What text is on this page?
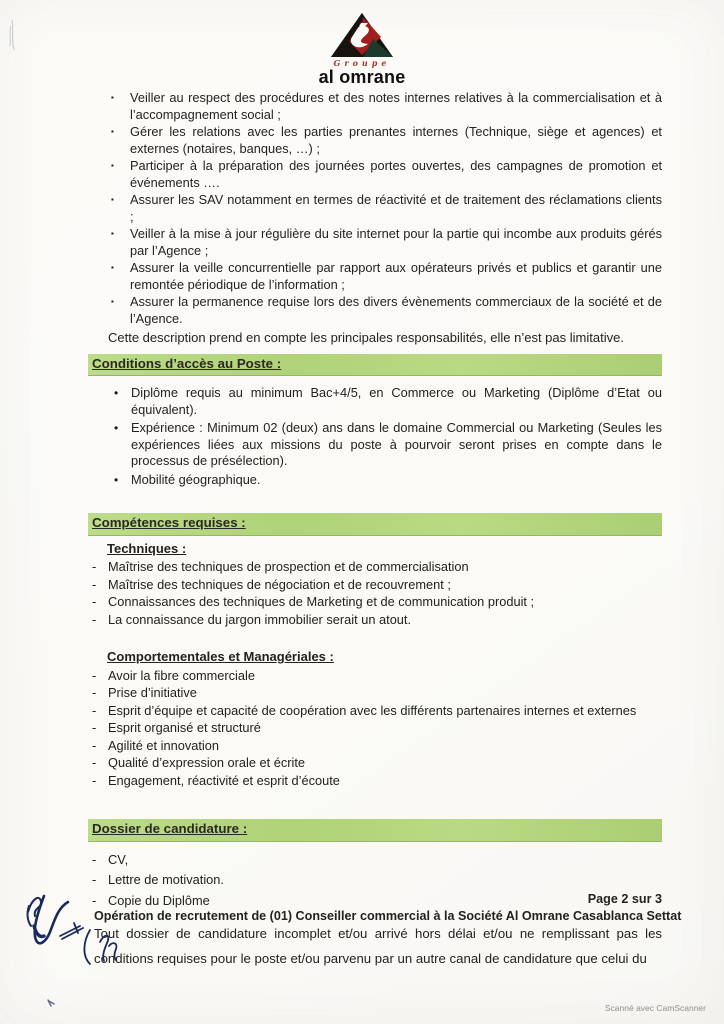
Groupe
al omrane
▪	Veiller au respect des procédures et des notes internes relatives à la commercialisation et à l’accompagnement social ;
▪	Gérer les relations avec les parties prenantes internes (Technique, siège et agences) et externes (notaires, banques, …) ;
▪	Participer à la préparation des journées portes ouvertes, des campagnes de promotion et événements ….
▪	Assurer les SAV notamment en termes de réactivité et de traitement des réclamations clients ;
▪	Veiller à la mise à jour régulière du site internet pour la partie qui incombe aux produits gérés par l’Agence ;
▪	Assurer la veille concurrentielle par rapport aux opérateurs privés et publics et garantir une remontée périodique de l’information ;
▪	Assurer la permanence requise lors des divers évènements commerciaux de la société et de l’Agence.

Cette description prend en compte les principales responsabilités, elle n’est pas limitative.

Conditions d’accès au Poste :
• Diplôme requis au minimum Bac+4/5, en Commerce ou Marketing (Diplôme d’Etat ou équivalent).
• Expérience : Minimum 02 (deux) ans dans le domaine Commercial ou Marketing (Seules les expériences liées aux missions du poste à pourvoir seront prises en compte dans le processus de présélection).
• Mobilité géographique.
Compétences requises :
Techniques :
- Maîtrise des techniques de prospection et de commercialisation
- Maîtrise des techniques de négociation et de recouvrement ;
- Connaissances des techniques de Marketing et de communication produit ;
- La connaissance du jargon immobilier serait un atout.
Comportementales et Managériales :
- Avoir la fibre commerciale
- Prise d’initiative
- Esprit d’équipe et capacité de coopération avec les différents partenaires internes et externes
- Esprit organisé et structuré
- Agilité et innovation
- Qualité d’expression orale et écrite
- Engagement, réactivité et esprit d’écoute
Dossier de candidature :
- CV,
- Lettre de motivation.
- Copie du Diplôme

Tout dossier de candidature incomplet et/ou arrivé hors délai et/ou ne remplissant pas les conditions requises pour le poste et/ou parvenu par un autre canal de candidature que celui du

Page 2 sur 3
Opération de recrutement de (01) Conseiller commercial à la Société Al Omrane Casablanca Settat
Scanné avec CamScanner
